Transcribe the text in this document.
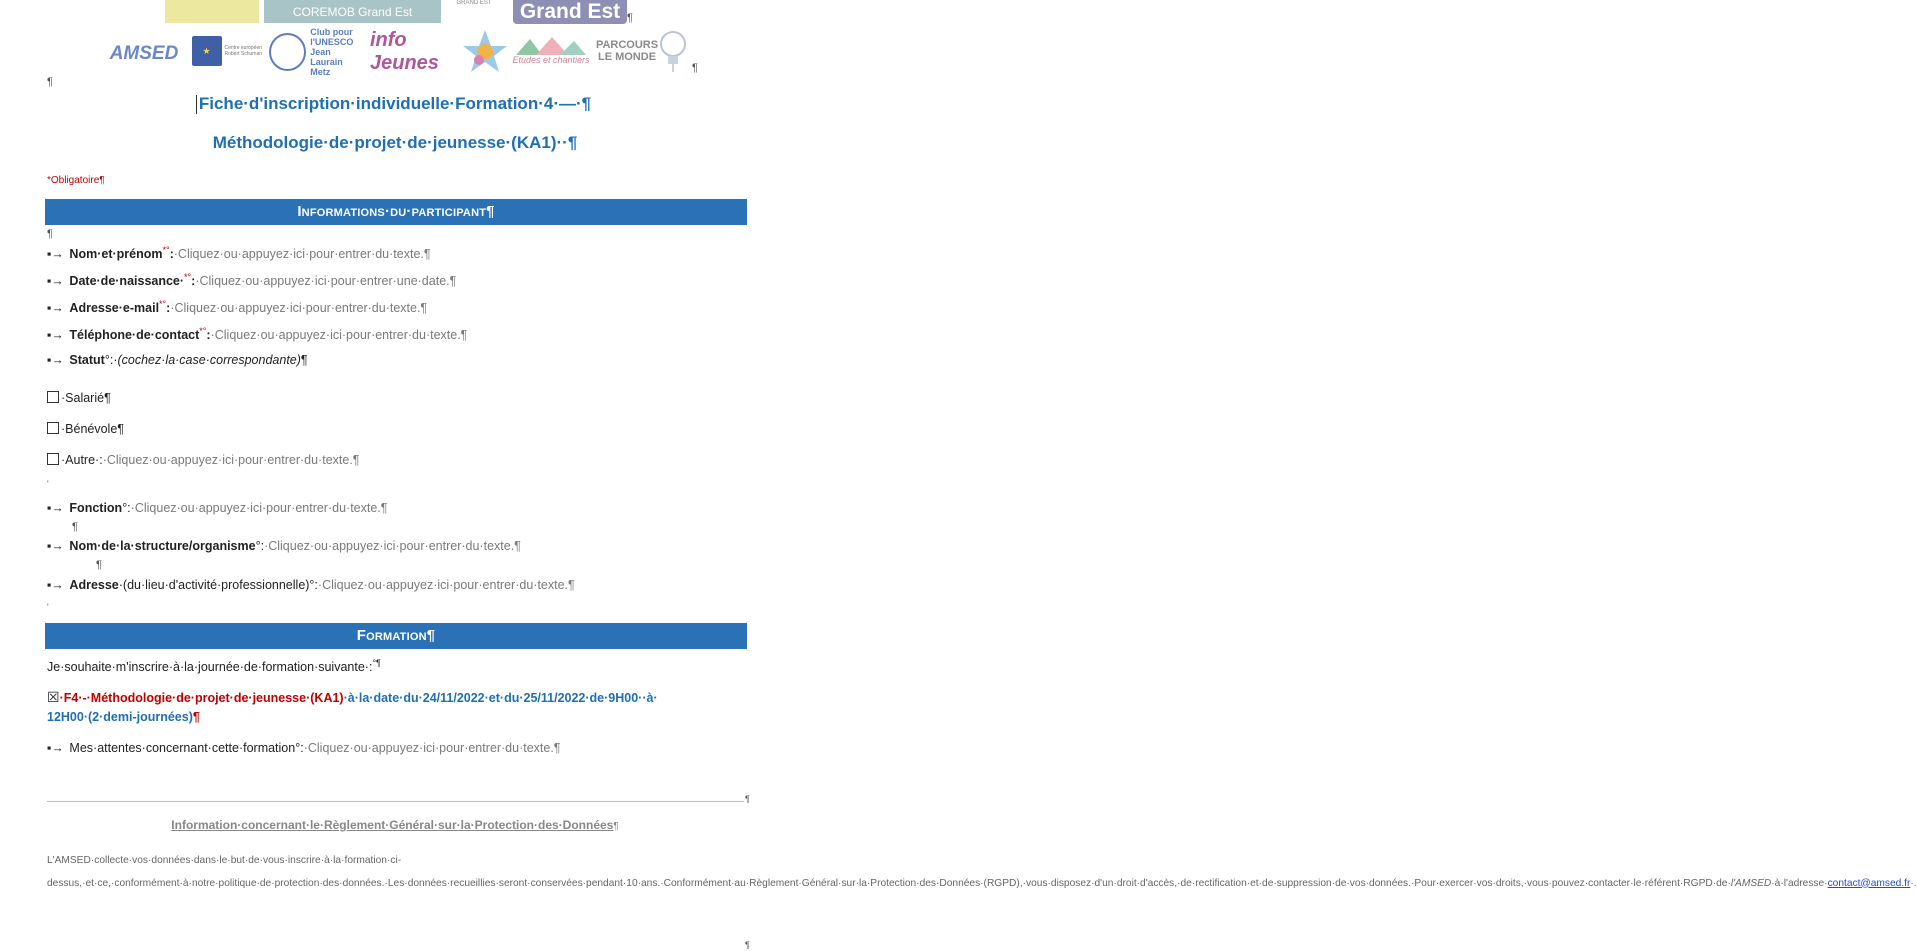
COREMOB Grand Est
GRAND EST Grand Est ¶
AMSED	★	Centre européen Robert Schuman
Club pour l'UNESCO Jean Laurain Metz
info Jeunes	Etudes et chantiers
PARCOURS LE MONDE
¶
¶
Fiche·d'inscription·individuelle·Formation·4·—·¶
Méthodologie·de·projet·de·jeunesse·(KA1)··¶
*Obligatoire¶
Informations·du·participant¶
¶
▪→ Nom·et·prénom*°:·Cliquez·ou·appuyez·ici·pour·entrer·du·texte.¶
▪→ Date·de·naissance·*°:·Cliquez·ou·appuyez·ici·pour·entrer·une·date.¶
▪→ Adresse·e-mail*°:·Cliquez·ou·appuyez·ici·pour·entrer·du·texte.¶
▪→ Téléphone·de·contact*°:·Cliquez·ou·appuyez·ici·pour·entrer·du·texte.¶
▪→ Statut°:·(cochez·la·case·correspondante)¶
·Salarié¶
·Bénévole¶
·Autre·:·Cliquez·ou·appuyez·ici·pour·entrer·du·texte.¶
'
▪→ Fonction°:·Cliquez·ou·appuyez·ici·pour·entrer·du·texte.¶
¶
▪→ Nom·de·la·structure/organisme°:·Cliquez·ou·appuyez·ici·pour·entrer·du·texte.¶
¶
▪→ Adresse·(du·lieu·d'activité·professionnelle)°:·Cliquez·ou·appuyez·ici·pour·entrer·du·texte.¶
'
Formation¶
Je·souhaite·m'inscrire·à·la·journée·de·formation·suivante·:°¶
☒·F4·-·Méthodologie·de·projet·de·jeunesse·(KA1)·à·la·date·du·24/11/2022·et·du·25/11/2022·de·9H00··à·
12H00·(2·demi-journées)¶
▪→ Mes·attentes·concernant·cette·formation°:·Cliquez·ou·appuyez·ici·pour·entrer·du·texte.¶
¶
Information·concernant·le·Règlement·Général·sur·la·Protection·des·Données¶
L'AMSED·collecte·vos·données·dans·le·but·de·vous·inscrire·à·la·formation·ci-dessus,·et·ce,·conformément·à·notre·politique·de·protection·des·données.·Les·données·recueillies·seront·conservées·pendant·10·ans.·Conformément·au·Règlement·Général·sur·la·Protection·des·Données·(RGPD),·vous·disposez·d'un·droit·d'accès,·de·rectification·et·de·suppression·de·vos·données.·Pour·exercer·vos·droits,·vous·pouvez·contacter·le·référent·RGPD·de·l'AMSED·à·l'adresse·contact@amsed.fr·.
¶
